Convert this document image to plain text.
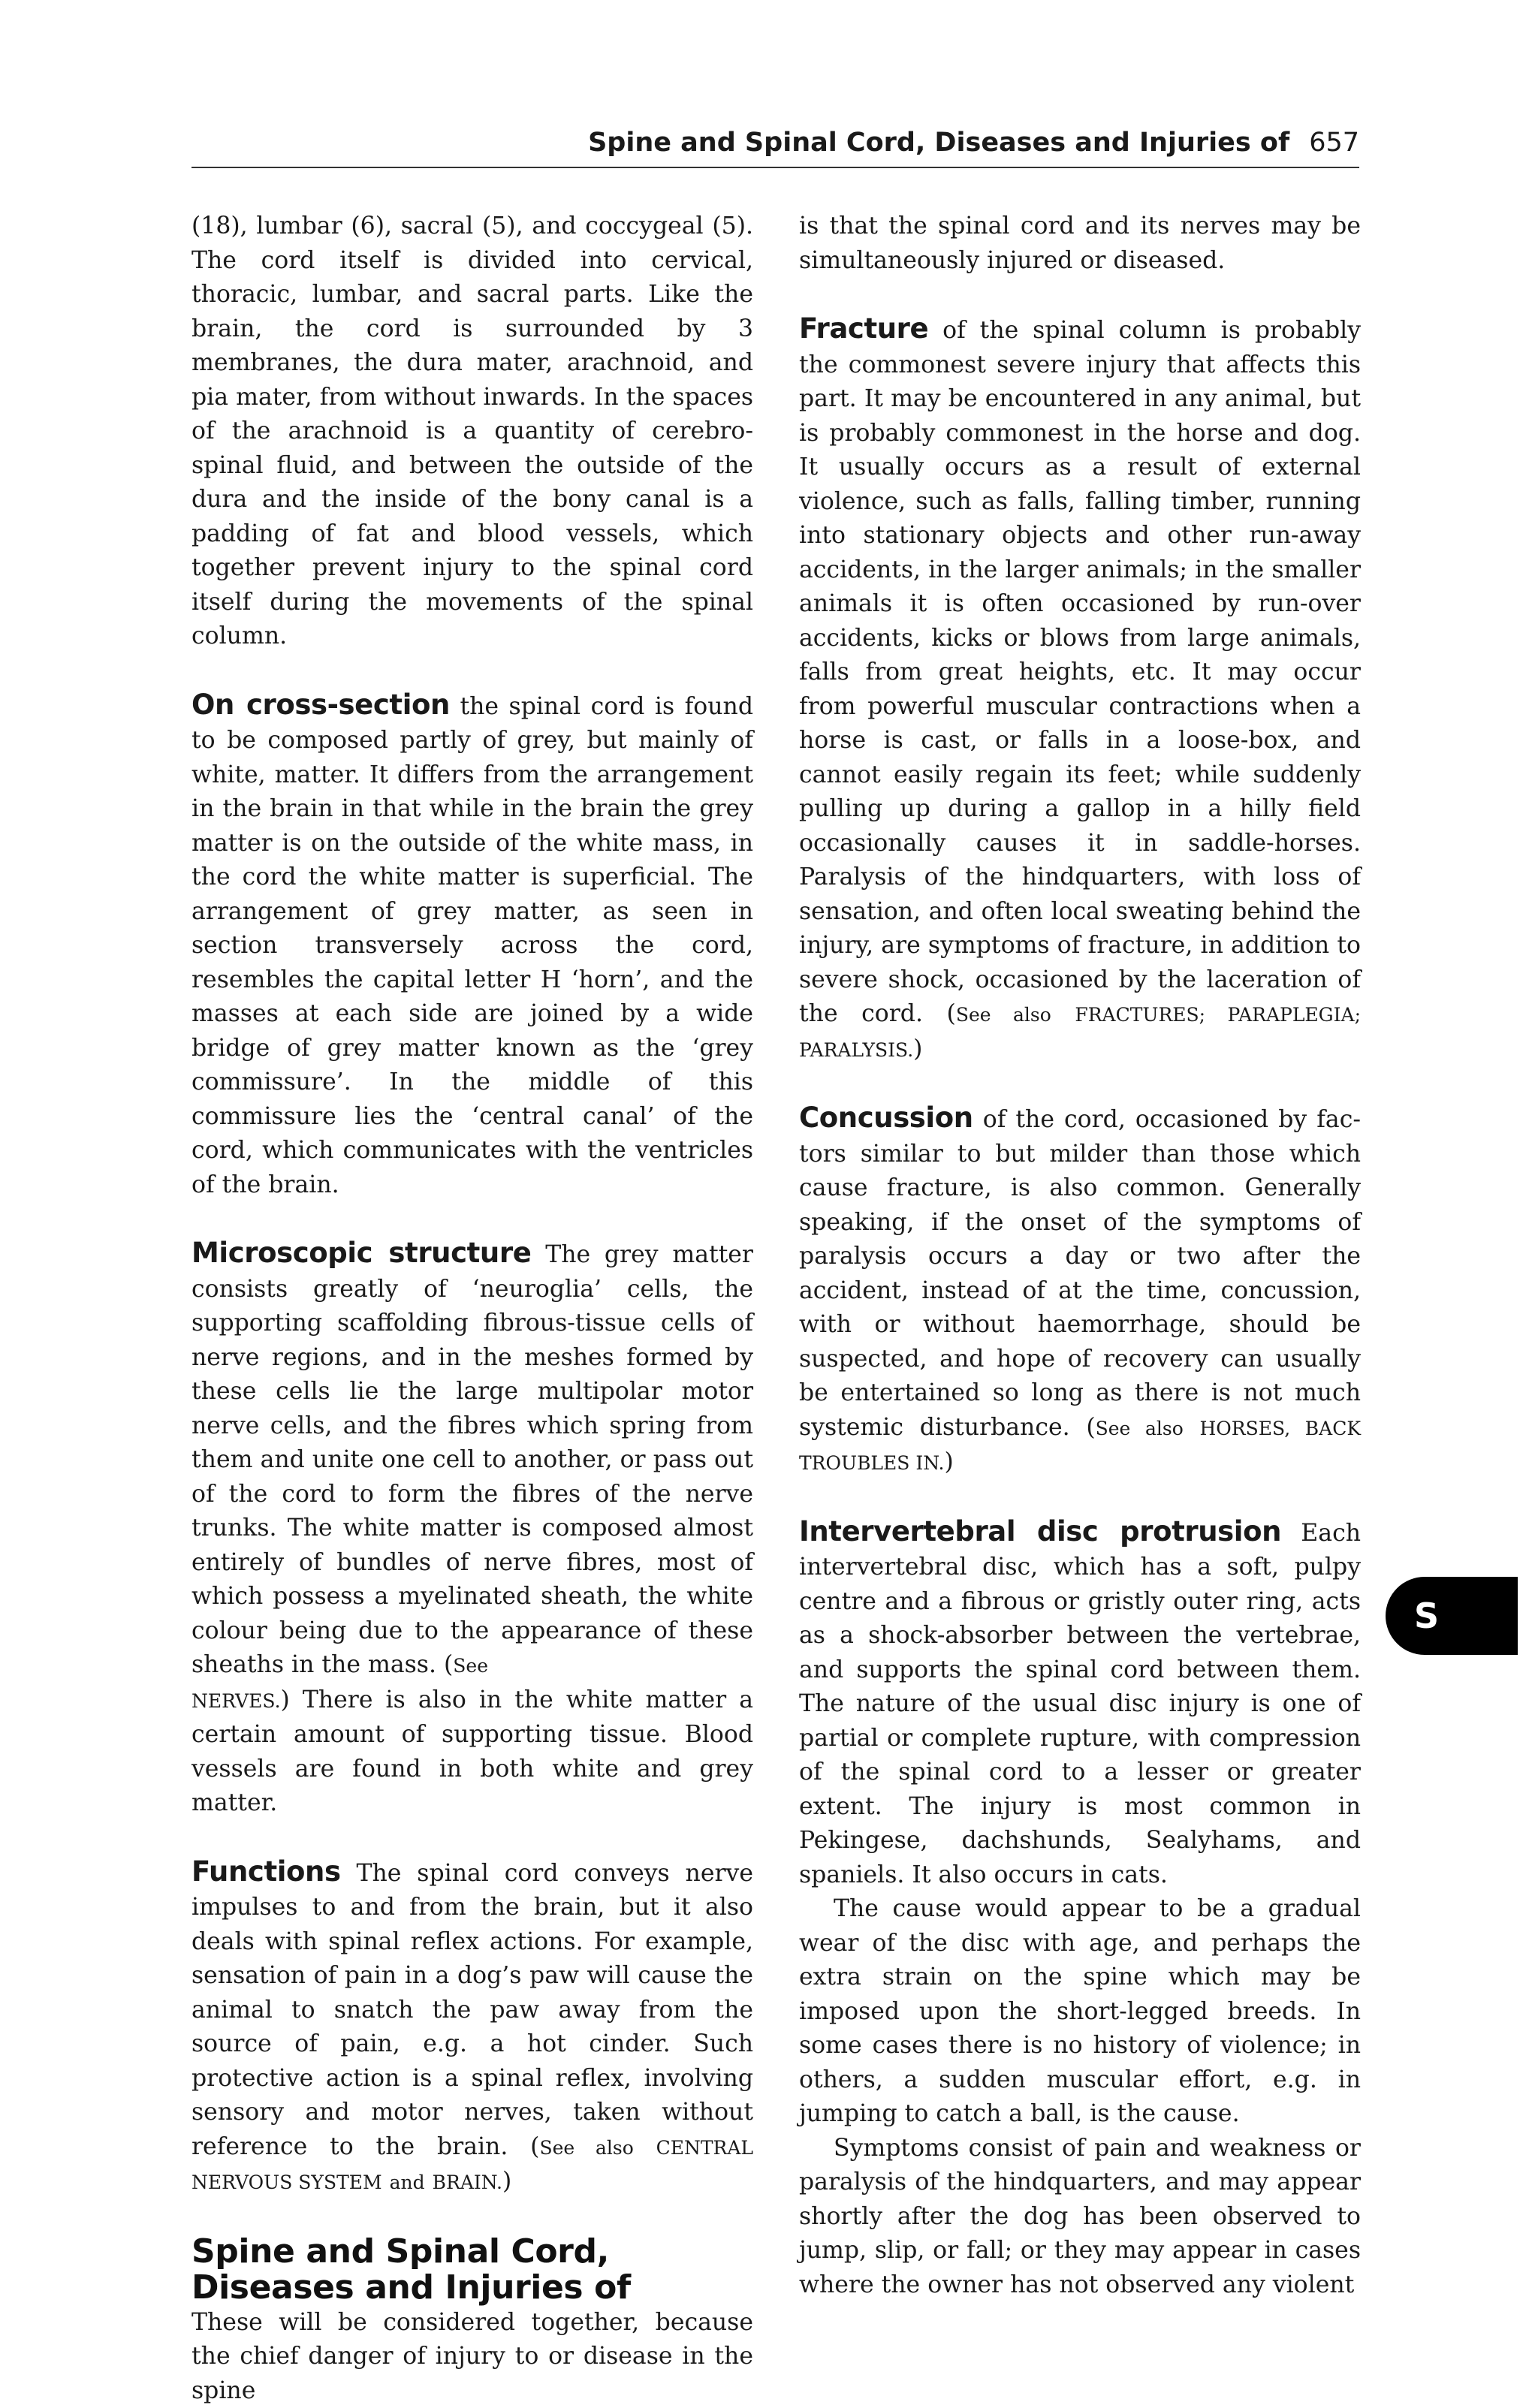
Spine and Spinal Cord, Diseases and Injuries of 657

(18), lumbar (6), sacral (5), and coccygeal (5). The cord itself is divided into cervical, thoracic, lumbar, and sacral parts. Like the brain, the cord is surrounded by 3 membranes, the dura mater, arachnoid, and pia mater, from without inwards. In the spaces of the arachnoid is a quantity of cerebro-spinal fluid, and between the outside of the dura and the inside of the bony canal is a padding of fat and blood vessels, which together prevent injury to the spinal cord itself during the movements of the spinal column.

On cross-section the spinal cord is found to be composed partly of grey, but mainly of white, matter. It differs from the arrangement in the brain in that while in the brain the grey matter is on the outside of the white mass, in the cord the white matter is superficial. The arrangement of grey matter, as seen in section transversely across the cord, resembles the capital letter H ‘horn’, and the masses at each side are joined by a wide bridge of grey matter known as the ‘grey commissure’. In the middle of this commissure lies the ‘central canal’ of the cord, which communicates with the ventricles of the brain.

Microscopic structure The grey matter consists greatly of ‘neuroglia’ cells, the supporting scaffolding fibrous-tissue cells of nerve regions, and in the meshes formed by these cells lie the large multipolar motor nerve cells, and the fibres which spring from them and unite one cell to another, or pass out of the cord to form the fibres of the nerve trunks. The white matter is composed almost entirely of bundles of nerve fibres, most of which possess a myelinated sheath, the white colour being due to the appearance of these sheaths in the mass. (See
NERVES.) There is also in the white matter a certain amount of supporting tissue. Blood vessels are found in both white and grey matter.

Functions The spinal cord conveys nerve impulses to and from the brain, but it also deals with spinal reflex actions. For example, sensation of pain in a dog’s paw will cause the animal to snatch the paw away from the source of pain, e.g. a hot cinder. Such protective action is a spinal reflex, involving sensory and motor nerves, taken without reference to the brain. (See also CENTRAL NERVOUS SYSTEM and BRAIN.)

Spine and Spinal Cord, Diseases and Injuries of

These will be considered together, because the chief danger of injury to or disease in the spine

is that the spinal cord and its nerves may be simultaneously injured or diseased.

Fracture of the spinal column is probably the commonest severe injury that affects this part. It may be encountered in any animal, but is probably commonest in the horse and dog. It usually occurs as a result of external violence, such as falls, falling timber, running into stationary objects and other run-away accidents, in the larger animals; in the smaller animals it is often occasioned by run-over accidents, kicks or blows from large animals, falls from great heights, etc. It may occur from powerful muscular contractions when a horse is cast, or falls in a loose-box, and cannot easily regain its feet; while suddenly pulling up during a gallop in a hilly field occasionally causes it in saddle-horses. Paralysis of the hindquarters, with loss of sensation, and often local sweating behind the injury, are symptoms of fracture, in addition to severe shock, occasioned by the laceration of the cord. (See also FRACTURES; PARAPLEGIA; PARALYSIS.)

Concussion of the cord, occasioned by factors similar to but milder than those which cause fracture, is also common. Generally speaking, if the onset of the symptoms of paralysis occurs a day or two after the accident, instead of at the time, concussion, with or without haemorrhage, should be suspected, and hope of recovery can usually be entertained so long as there is not much systemic disturbance. (See also HORSES, BACK TROUBLES IN.)

Intervertebral disc protrusion Each intervertebral disc, which has a soft, pulpy centre and a fibrous or gristly outer ring, acts as a shock-absorber between the vertebrae, and supports the spinal cord between them. The nature of the usual disc injury is one of partial or complete rupture, with compression of the spinal cord to a lesser or greater extent. The injury is most common in Pekingese, dachshunds, Sealyhams, and spaniels. It also occurs in cats.

The cause would appear to be a gradual wear of the disc with age, and perhaps the extra strain on the spine which may be imposed upon the short-legged breeds. In some cases there is no history of violence; in others, a sudden muscular effort, e.g. in jumping to catch a ball, is the cause.

Symptoms consist of pain and weakness or paralysis of the hindquarters, and may appear shortly after the dog has been observed to jump, slip, or fall; or they may appear in cases where the owner has not observed any violent

S
